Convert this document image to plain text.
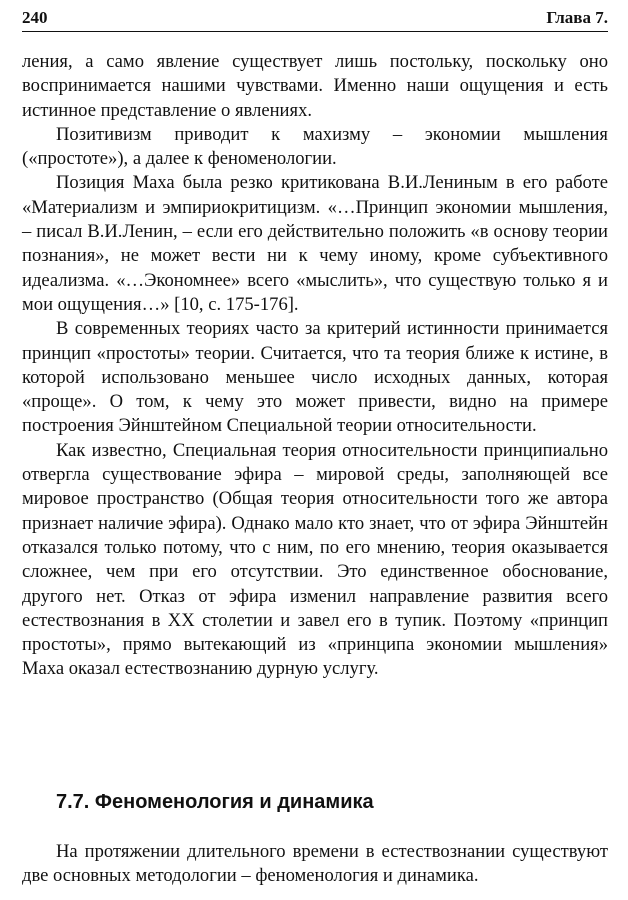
240	Глава 7.

ления, а само явление существует лишь постольку, поскольку оно воспринимается нашими чувствами. Именно наши ощущения и есть истинное представление о явлениях.

Позитивизм приводит к махизму – экономии мышления («простоте»), а далее к феноменологии.

Позиция Маха была резко критикована В.И.Лениным в его работе «Материализм и эмпириокритицизм. «…Принцип экономии мышления, – писал В.И.Ленин, – если его действительно положить «в основу теории познания», не может вести ни к чему иному, кроме субъективного идеализма. «…Экономнее» всего «мыслить», что существую только я и мои ощущения…» [10, с. 175-176].

В современных теориях часто за критерий истинности принимается принцип «простоты» теории. Считается, что та теория ближе к истине, в которой использовано меньшее число исходных данных, которая «проще». О том, к чему это может привести, видно на примере построения Эйнштейном Специальной теории относительности.

Как известно, Специальная теория относительности принципиально отвергла существование эфира – мировой среды, заполняющей все мировое пространство (Общая теория относительности того же автора признает наличие эфира). Однако мало кто знает, что от эфира Эйнштейн отказался только потому, что с ним, по его мнению, теория оказывается сложнее, чем при его отсутствии. Это единственное обоснование, другого нет. Отказ от эфира изменил направление развития всего естествознания в XX столетии и завел его в тупик. Поэтому «принцип простоты», прямо вытекающий из «принципа экономии мышления» Маха оказал естествознанию дурную услугу.

7.7. Феноменология и динамика

На протяжении длительного времени в естествознании существуют две основных методологии – феноменология и динамика.
